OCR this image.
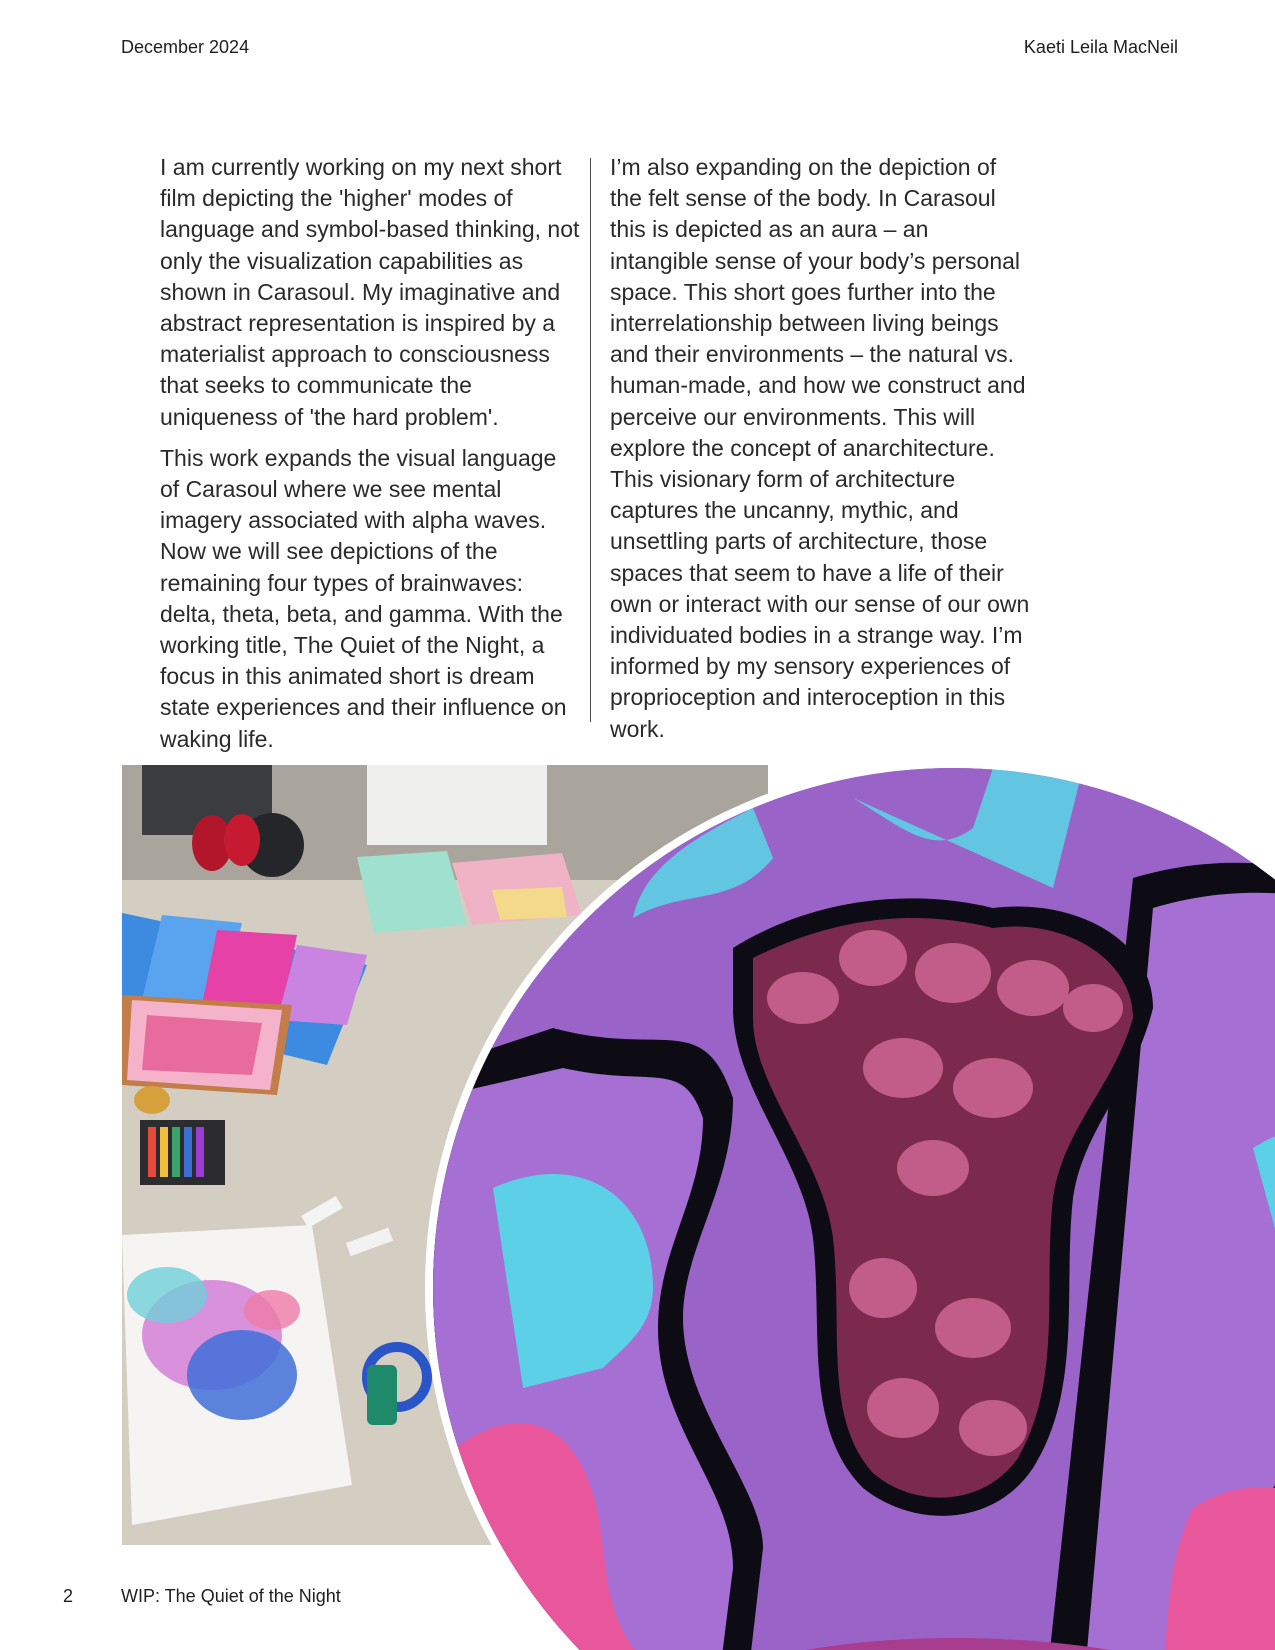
December 2024	Kaeti Leila MacNeil

I am currently working on my next short film depicting the 'higher' modes of language and symbol-based thinking, not only the visualization capabilities as shown in Carasoul. My imaginative and abstract representation is inspired by a materialist approach to consciousness that seeks to communicate the uniqueness of 'the hard problem'.

This work expands the visual language of Carasoul where we see mental imagery associated with alpha waves. Now we will see depictions of the remaining four types of brainwaves: delta, theta, beta, and gamma. With the working title, The Quiet of the Night, a focus in this animated short is dream state experiences and their influence on waking life.

I’m also expanding on the depiction of the felt sense of the body. In Carasoul this is depicted as an aura – an intangible sense of your body’s personal space. This short goes further into the interrelationship between living beings and their environments – the natural vs. human-made, and how we construct and perceive our environments. This will explore the concept of anarchitecture. This visionary form of architecture captures the uncanny, mythic, and unsettling parts of architecture, those spaces that seem to have a life of their own or interact with our sense of our own individuated bodies in a strange way. I’m informed by my sensory experiences of proprioception and interoception in this work.

2	WIP: The Quiet of the Night
